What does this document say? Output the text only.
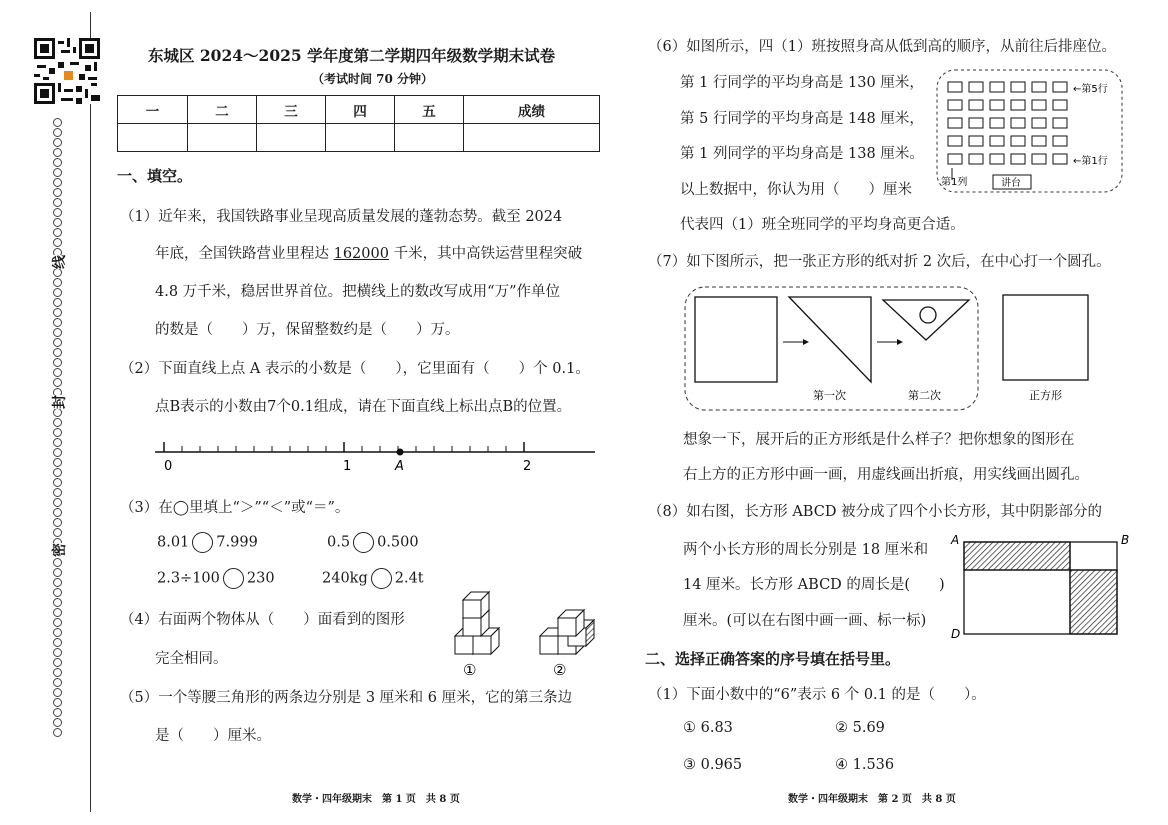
线
封
密
东城区 2024～2025 学年度第二学期四年级数学期末试卷
（考试时间 70 分钟）
一	二	三	四	五	成绩

一、填空。
（1）近年来，我国铁路事业呈现高质量发展的蓬勃态势。截至 2024
年底，全国铁路营业里程达 162000 千米，其中高铁运营里程突破
4.8 万千米，稳居世界首位。把横线上的数改写成用“万”作单位
的数是（　　）万，保留整数约是（　　）万。
（2）下面直线上点 A 表示的小数是（　　），它里面有（　　）个 0.1。
点B表示的小数由7个0.1组成，请在下面直线上标出点B的位置。
0	1	A	2
（3）在◯里填上“＞”“＜”或“＝”。
8.01 7.999	0.5 0.500
2.3÷100 230	240kg 2.4t
（4）右面两个物体从（　　）面看到的图形
完全相同。
①	②
（5）一个等腰三角形的两条边分别是 3 厘米和 6 厘米，它的第三条边
是（　　）厘米。
数学・四年级期末　第 1 页　共 8 页
（6）如图所示，四（1）班按照身高从低到高的顺序，从前往后排座位。
第 1 行同学的平均身高是 130 厘米，
第 5 行同学的平均身高是 148 厘米，
第 1 列同学的平均身高是 138 厘米。
以上数据中，你认为用（　　）厘米
代表四（1）班全班同学的平均身高更合适。
←第5行
←第1行
第1列	讲台
（7）如下图所示，把一张正方形的纸对折 2 次后，在中心打一个圆孔。
第一次	第二次	正方形
想象一下，展开后的正方形纸是什么样子？把你想象的图形在
右上方的正方形中画一画，用虚线画出折痕，用实线画出圆孔。
（8）如右图，长方形 ABCD 被分成了四个小长方形，其中阴影部分的
两个小长方形的周长分别是 18 厘米和
14 厘米。长方形 ABCD 的周长是(　　)
厘米。(可以在右图中画一画、标一标)
A	B
D
二、选择正确答案的序号填在括号里。
（1）下面小数中的“6”表示 6 个 0.1 的是（　　）。
① 6.83	② 5.69
③ 0.965	④ 1.536
数学・四年级期末　第 2 页　共 8 页
